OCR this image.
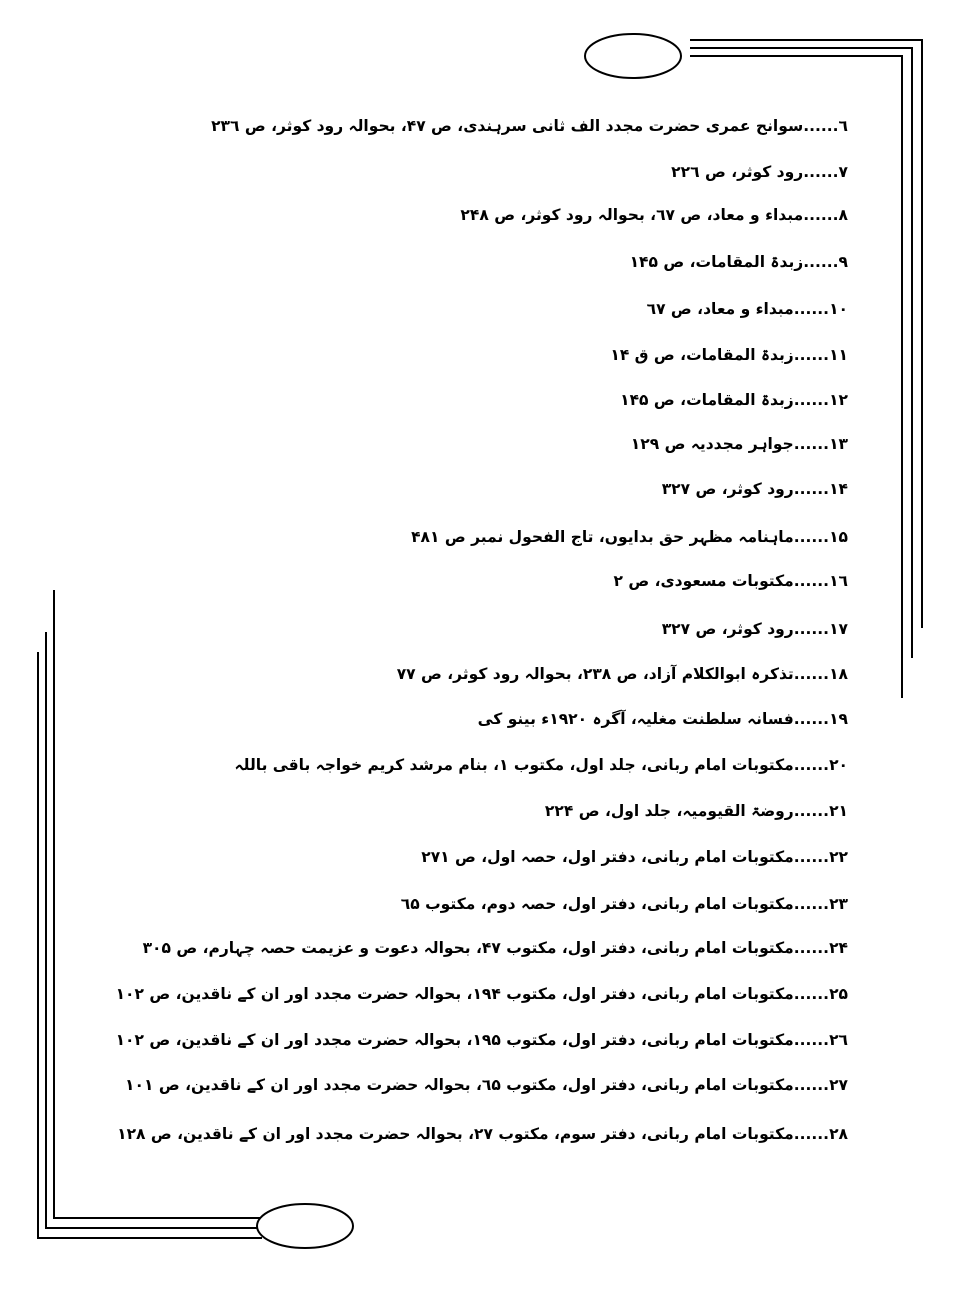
٦......سوانح عمری حضرت مجدد الف ثانی سرہندی، ص ۴۷، بحوالہ رود کوثر، ص ۲۳٦
۷......رود کوثر، ص ۲۲٦
۸......مبداء و معاد، ص ٦۷، بحوالہ رود کوثر، ص ۲۴۸
۹......زبدۃ المقامات، ص ۱۴۵
۱۰......مبداء و معاد، ص ٦۷
۱۱......زبدۃ المقامات، ص ق ۱۴
۱۲......زبدۃ المقامات، ص ۱۴۵
۱۳......جواہر مجددیہ ص ۱۲۹
۱۴......رود کوثر، ص ۳۲۷
۱۵......ماہنامہ مظہر حق بدایوں، تاج الفحول نمبر ص ۴۸۱
۱٦......مکتوبات مسعودی، ص ۲
۱۷......رود کوثر، ص ۳۲۷
۱۸......تذکرہ ابوالکلام آزاد، ص ۲۳۸، بحوالہ رود کوثر، ص ۷۷
۱۹......فسانہ سلطنت مغلیہ، آگرہ ۱۹۲۰ء بینو کی
۲۰......مکتوبات امام ربانی، جلد اول، مکتوب ۱، بنام مرشد کریم خواجہ باقی باللہ
۲۱......روضۃ القیومیہ، جلد اول، ص ۲۲۴
۲۲......مکتوبات امام ربانی، دفتر اول، حصہ اول، ص ۲۷۱
۲۳......مکتوبات امام ربانی، دفتر اول، حصہ دوم، مکتوب ٦۵
۲۴......مکتوبات امام ربانی، دفتر اول، مکتوب ۴۷، بحوالہ دعوت و عزیمت حصہ چہارم، ص ۳۰۵
۲۵......مکتوبات امام ربانی، دفتر اول، مکتوب ۱۹۴، بحوالہ حضرت مجدد اور ان کے ناقدین، ص ۱۰۲
۲٦......مکتوبات امام ربانی، دفتر اول، مکتوب ۱۹۵، بحوالہ حضرت مجدد اور ان کے ناقدین، ص ۱۰۲
۲۷......مکتوبات امام ربانی، دفتر اول، مکتوب ٦۵، بحوالہ حضرت مجدد اور ان کے ناقدین، ص ۱۰۱
۲۸......مکتوبات امام ربانی، دفتر سوم، مکتوب ۲۷، بحوالہ حضرت مجدد اور ان کے ناقدین، ص ۱۲۸
